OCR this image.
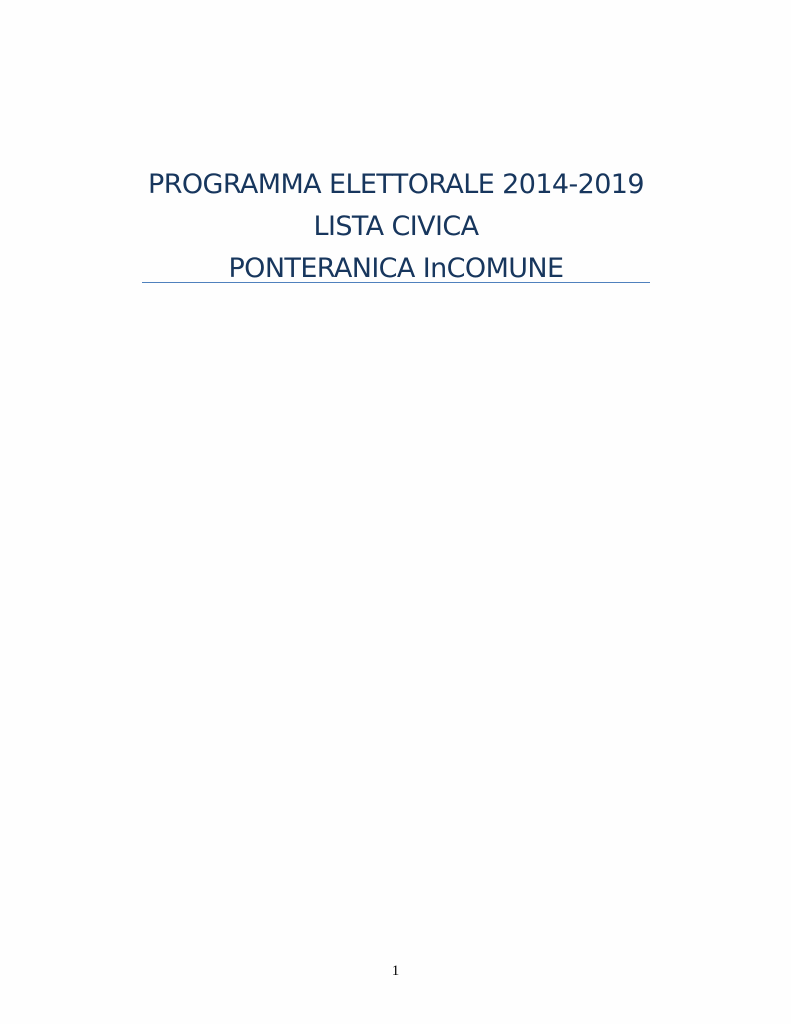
PROGRAMMA ELETTORALE 2014-2019
LISTA CIVICA
PONTERANICA InCOMUNE
1
